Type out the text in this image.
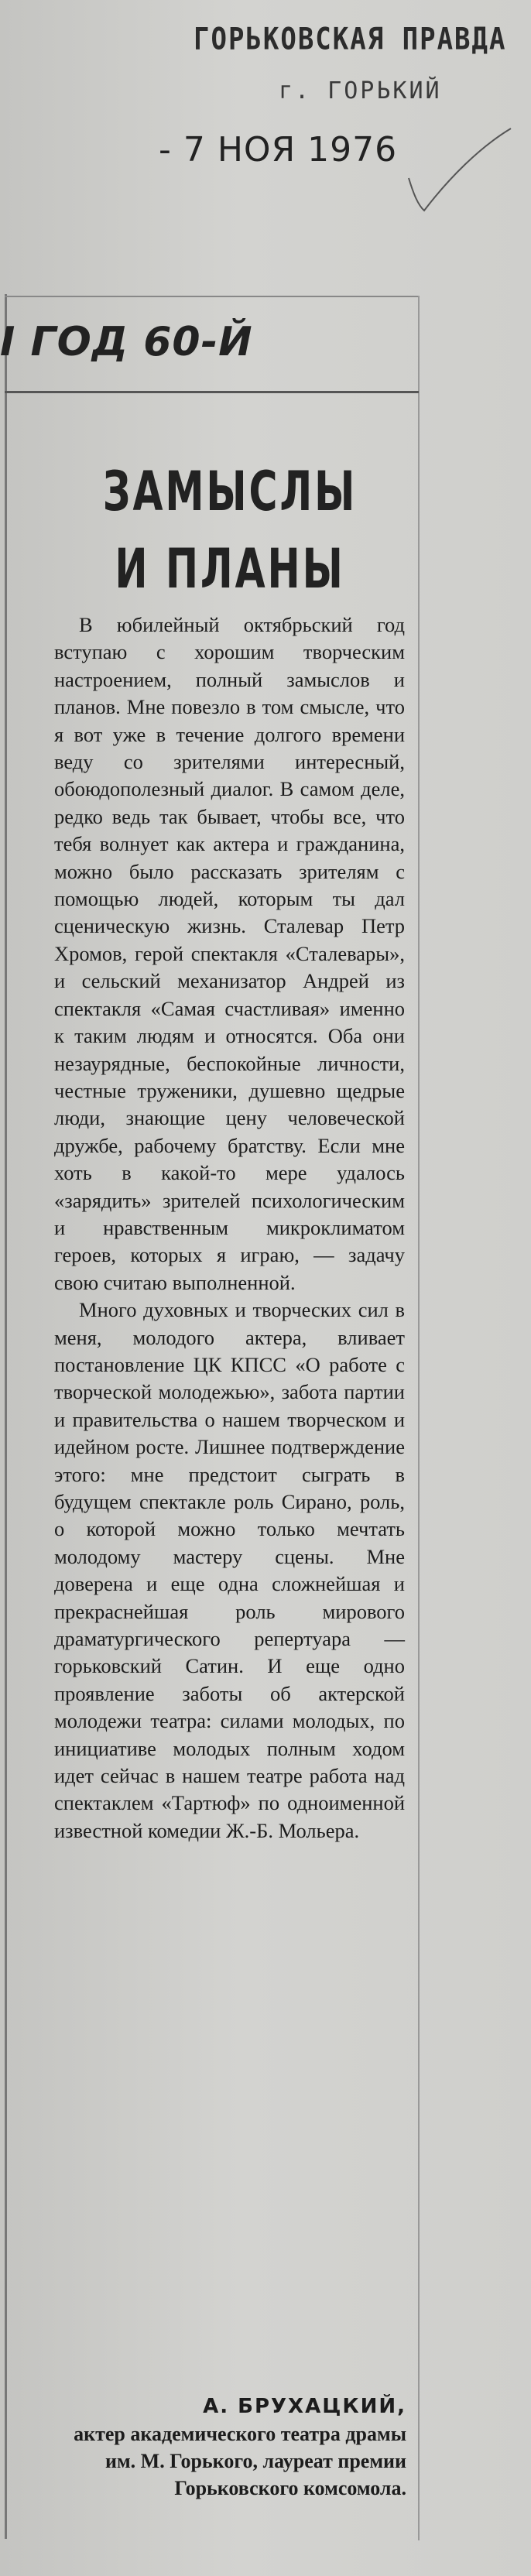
ГОРЬКОВСКАЯ ПРАВДА
г. ГОРЬКИЙ
- 7 НОЯ 1976
I ГОД 60-Й
ЗАМЫСЛЫ
И ПЛАНЫ

В юбилейный октябрьский год вступаю с хорошим творческим настроением, полный замыслов и планов. Мне повезло в том смысле, что я вот уже в течение долгого времени веду со зрителями интересный, обоюдополезный диалог. В самом деле, редко ведь так бывает, чтобы все, что тебя волнует как актера и гражданина, можно было рассказать зрителям с помощью людей, которым ты дал сценическую жизнь. Сталевар Петр Хромов, герой спектакля «Сталевары», и сельский механизатор Андрей из спектакля «Самая счастливая» именно к таким людям и относятся. Оба они незаурядные, беспокойные личности, честные труженики, душевно щедрые люди, знающие цену человеческой дружбе, рабочему братству. Если мне хоть в какой-то мере удалось «зарядить» зрителей психологическим и нравственным микроклиматом героев, которых я играю, — задачу свою считаю выполненной.

Много духовных и творческих сил в меня, молодого актера, вливает постановление ЦК КПСС «О работе с творческой молодежью», забота партии и правительства о нашем творческом и идейном росте. Лишнее подтверждение этого: мне предстоит сыграть в будущем спектакле роль Сирано, роль, о которой можно только мечтать молодому мастеру сцены. Мне доверена и еще одна сложнейшая и прекраснейшая роль мирового драматургического репертуара — горьковский Сатин. И еще одно проявление заботы об актерской молодежи театра: силами молодых, по инициативе молодых полным ходом идет сейчас в нашем театре работа над спектаклем «Тартюф» по одноименной известной комедии Ж.-Б. Мольера.

А. БРУХАЦКИЙ,
актер академического театра драмы им. М. Горького, лауреат премии Горьковского комсомола.
